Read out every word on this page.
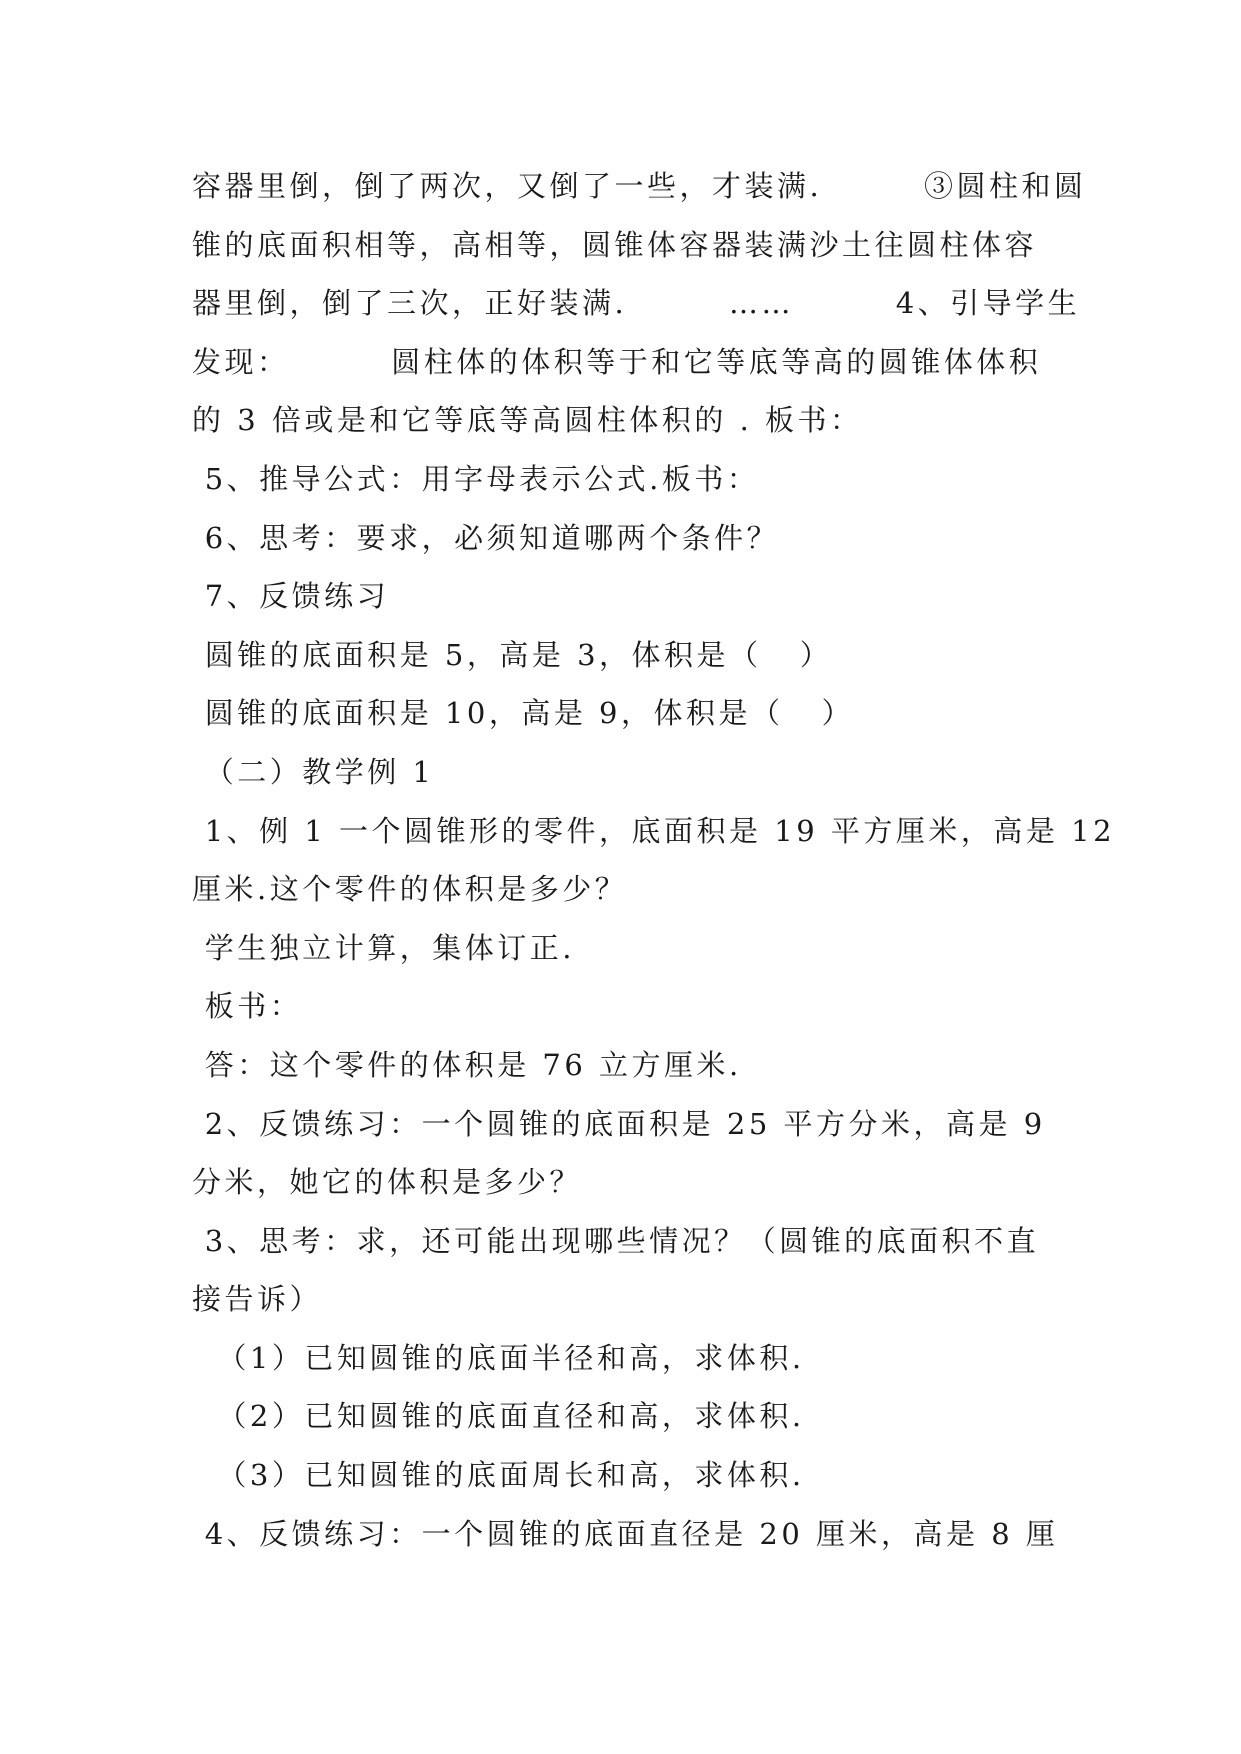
容器里倒，倒了两次，又倒了一些，才装满.        ③圆柱和圆
锥的底面积相等，高相等，圆锥体容器装满沙土往圆柱体容
器里倒，倒了三次，正好装满.        ……        4、引导学生
发现：        圆柱体的体积等于和它等底等高的圆锥体体积
的 3 倍或是和它等底等高圆柱体积的 . 板书：
5、推导公式：用字母表示公式.板书：
6、思考：要求，必须知道哪两个条件？
7、反馈练习
圆锥的底面积是 5，高是 3，体积是（   ）
圆锥的底面积是 10，高是 9，体积是（   ）
（二）教学例 1
1、例 1 一个圆锥形的零件，底面积是 19 平方厘米，高是 12
厘米.这个零件的体积是多少？
学生独立计算，集体订正.
板书：
答：这个零件的体积是 76 立方厘米.
2、反馈练习：一个圆锥的底面积是 25 平方分米，高是 9
分米，她它的体积是多少？
3、思考：求，还可能出现哪些情况？（圆锥的底面积不直
接告诉）
（1）已知圆锥的底面半径和高，求体积.
（2）已知圆锥的底面直径和高，求体积.
（3）已知圆锥的底面周长和高，求体积.
4、反馈练习：一个圆锥的底面直径是 20 厘米，高是 8 厘
